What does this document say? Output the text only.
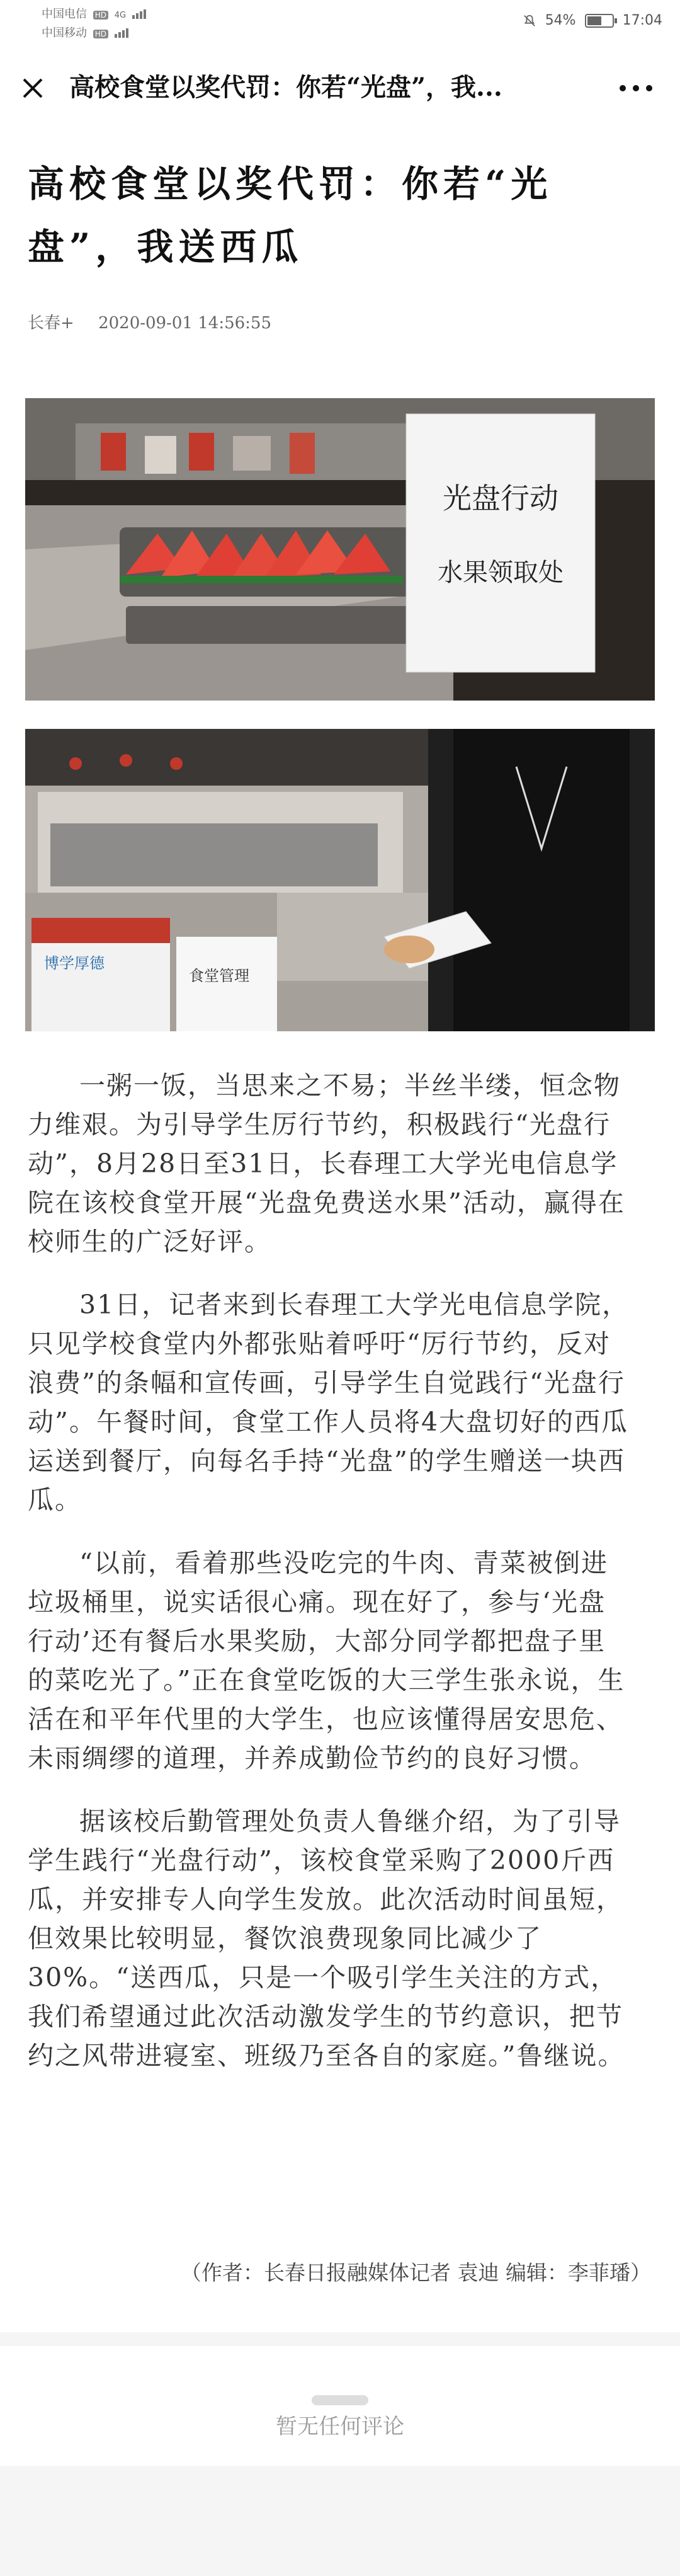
中国电信 HD 4G
中国移动 HD
54%	17:04
高校食堂以奖代罚：你若“光盘”，我...
高校食堂以奖代罚：你若“光盘”，我送西瓜
长春+ 2020-09-01 14:56:55
光盘行动
水果领取处
博学厚德
食堂管理

一粥一饭，当思来之不易；半丝半缕，恒念物力维艰。为引导学生厉行节约，积极践行“光盘行动”，8月28日至31日，长春理工大学光电信息学院在该校食堂开展“光盘免费送水果”活动，赢得在校师生的广泛好评。

31日，记者来到长春理工大学光电信息学院，只见学校食堂内外都张贴着呼吁“厉行节约，反对浪费”的条幅和宣传画，引导学生自觉践行“光盘行动”。午餐时间，食堂工作人员将4大盘切好的西瓜运送到餐厅，向每名手持“光盘”的学生赠送一块西瓜。

“以前，看着那些没吃完的牛肉、青菜被倒进垃圾桶里，说实话很心痛。现在好了，参与‘光盘行动’还有餐后水果奖励，大部分同学都把盘子里的菜吃光了。”正在食堂吃饭的大三学生张永说，生活在和平年代里的大学生，也应该懂得居安思危、未雨绸缪的道理，并养成勤俭节约的良好习惯。

据该校后勤管理处负责人鲁继介绍，为了引导学生践行“光盘行动”，该校食堂采购了2000斤西瓜，并安排专人向学生发放。此次活动时间虽短，但效果比较明显，餐饮浪费现象同比减少了30%。“送西瓜，只是一个吸引学生关注的方式，我们希望通过此次活动激发学生的节约意识，把节约之风带进寝室、班级乃至各自的家庭。”鲁继说。

（作者：长春日报融媒体记者 袁迪 编辑：李菲璠）
暂无任何评论
